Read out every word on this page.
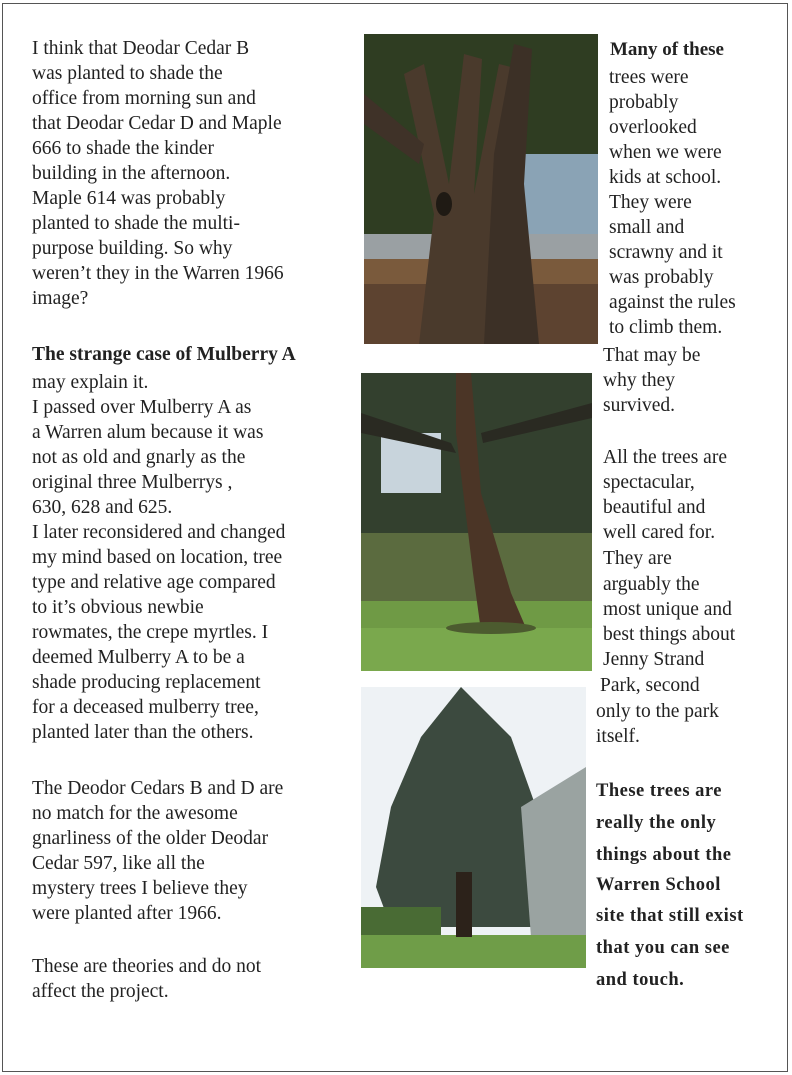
I think that Deodar Cedar B
was planted to shade the
office from morning sun and
that Deodar Cedar D and Maple
666 to shade the kinder
building in the afternoon.
Maple 614 was probably
planted to shade the multi-
purpose building. So why
weren’t they in the Warren 1966
image?
The strange case of Mulberry A
may explain it.
I passed over Mulberry A as
a Warren alum because it was
not as old and gnarly as the
original three Mulberrys ,
630, 628 and 625.
I later reconsidered and changed
my mind based on location, tree
type and relative age compared
to it’s obvious newbie
rowmates, the crepe myrtles. I
deemed Mulberry A to be a
shade producing replacement
for a deceased mulberry tree,
planted later than the others.
The Deodor Cedars B and D are
no match for the awesome
gnarliness of the older Deodar
Cedar 597, like all the
mystery trees I believe they
were planted after 1966.
These are theories and do not
affect the project.
Many of these
trees were
probably
overlooked
when we were
kids at school.
They were
small and
scrawny and it
was probably
against the rules
to climb them.
That may be
why they
survived.
All the trees are
spectacular,
beautiful and
well cared for.
They are
arguably the
most unique and
best things about
Jenny Strand
Park, second
only to the park
itself.
These trees are
really the only
things about the
Warren School
site that still exist
that you can see
and touch.
